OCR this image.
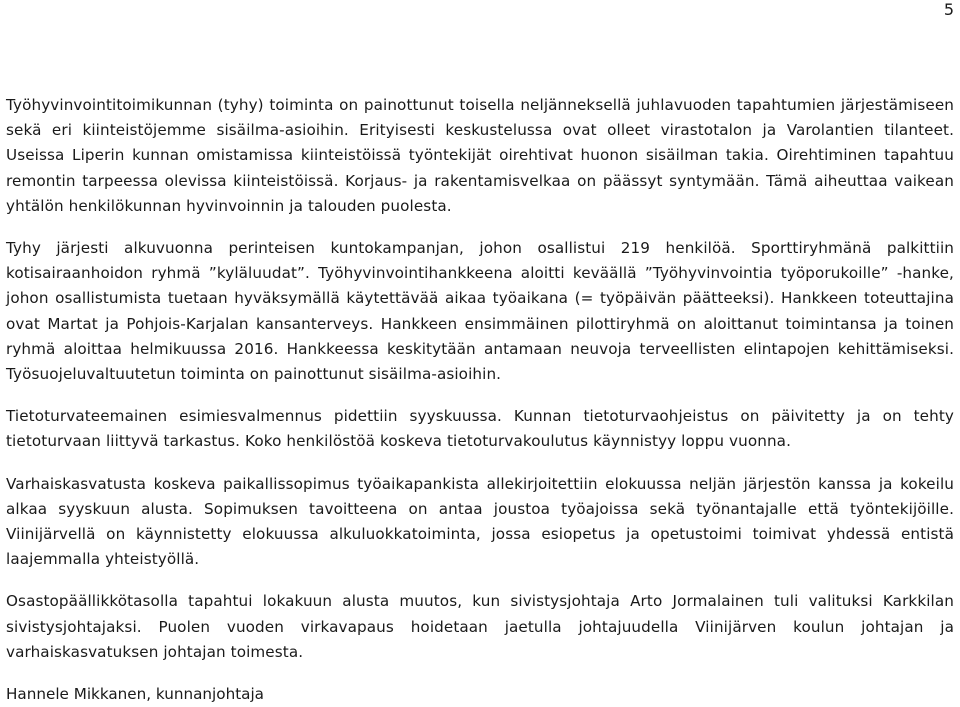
5

Työhyvinvointitoimikunnan (tyhy) toiminta on painottunut toisella neljänneksellä juhlavuoden tapahtumien järjestämiseen sekä eri kiinteistöjemme sisäilma-asioihin. Erityisesti keskustelussa ovat olleet virastotalon ja Varolantien tilanteet. Useissa Liperin kunnan omistamissa kiinteistöissä työntekijät oirehtivat huonon sisäilman takia. Oirehtiminen tapahtuu remontin tarpeessa olevissa kiinteistöissä. Korjaus- ja rakentamisvelkaa on päässyt syntymään. Tämä aiheuttaa vaikean yhtälön henkilökunnan hyvinvoinnin ja talouden puolesta.

Tyhy järjesti alkuvuonna perinteisen kuntokampanjan, johon osallistui 219 henkilöä. Sporttiryhmänä palkittiin kotisairaanhoidon ryhmä ”kyläluudat”. Työhyvinvointihankkeena aloitti keväällä ”Työhyvinvointia työporukoille” -hanke, johon osallistumista tuetaan hyväksymällä käytettävää aikaa työaikana (= työpäivän päätteeksi). Hankkeen toteuttajina ovat Martat ja Pohjois-Karjalan kansanterveys. Hankkeen ensimmäinen pilottiryhmä on aloittanut toimintansa ja toinen ryhmä aloittaa helmikuussa 2016. Hankkeessa keskitytään antamaan neuvoja terveellisten elintapojen kehittämiseksi. Työsuojeluvaltuutetun toiminta on painottunut sisäilma-asioihin.

Tietoturvateemainen esimiesvalmennus pidettiin syyskuussa. Kunnan tietoturvaohjeistus on päivitetty ja on tehty tietoturvaan liittyvä tarkastus. Koko henkilöstöä koskeva tietoturvakoulutus käynnistyy loppu vuonna.

Varhaiskasvatusta koskeva paikallissopimus työaikapankista allekirjoitettiin elokuussa neljän järjestön kanssa ja kokeilu alkaa syyskuun alusta. Sopimuksen tavoitteena on antaa joustoa työajoissa sekä työnantajalle että työntekijöille. Viinijärvellä on käynnistetty elokuussa alkuluokkatoiminta, jossa esiopetus ja opetustoimi toimivat yhdessä entistä laajemmalla yhteistyöllä.

Osastopäällikkötasolla tapahtui lokakuun alusta muutos, kun sivistysjohtaja Arto Jormalainen tuli valituksi Karkkilan sivistysjohtajaksi. Puolen vuoden virkavapaus hoidetaan jaetulla johtajuudella Viinijärven koulun johtajan ja varhaiskasvatuksen johtajan toimesta.

Hannele Mikkanen, kunnanjohtaja
